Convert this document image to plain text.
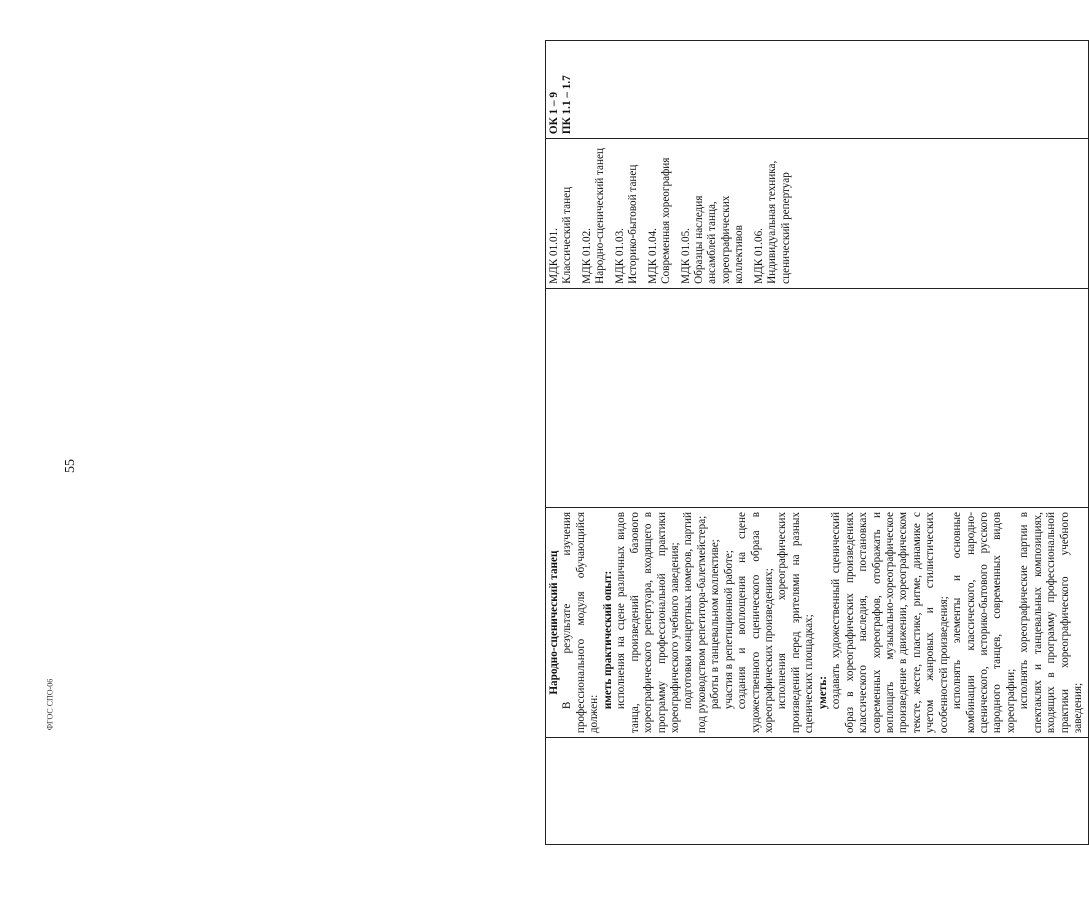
55
ФГОС СПО-06

Народно-сценический танец В результате изучения профессионального модуля обучающийся должен:

иметь практический опыт: исполнения на сцене различных видов танца, произведений базового хореографического репертуара, входящего в программу профессиональной практики хореографического учебного заведения; подготовки концертных номеров, партий под руководством репетитора-балетмейстера; работы в танцевальном коллективе; участия в репетиционной работе; создания и воплощения на сцене художественного сценического образа в хореографических произведениях; исполнения хореографических произведений перед зрителями на разных сценических площадках; уметь: создавать художественный сценический образ в хореографических произведениях классического наследия, постановках современных хореографов, отображать и воплощать музыкально-хореографическое произведение в движении, хореографическом тексте, жесте, пластике, ритме, динамике с учетом жанровых и стилистических особенностей произведения; исполнять элементы и основные комбинации классического, народно-сценического, историко-бытового русского народного танцев, современных видов хореографии; исполнять хореографические партии в спектаклях и танцевальных композициях, входящих в программу профессиональной практики хореографического учебного заведения;

МДК 01.01.
Классический танец МДК 01.02.
Народно-сценический танец МДК 01.03.
Историко-бытовой танец МДК 01.04.
Современная хореография МДК 01.05.
Образцы наследия ансамблей танца, хореографических коллективов МДК 01.06.
Индивидуальная техника, сценический репертуар

ОК 1 – 9 ПК 1.1 – 1.7
